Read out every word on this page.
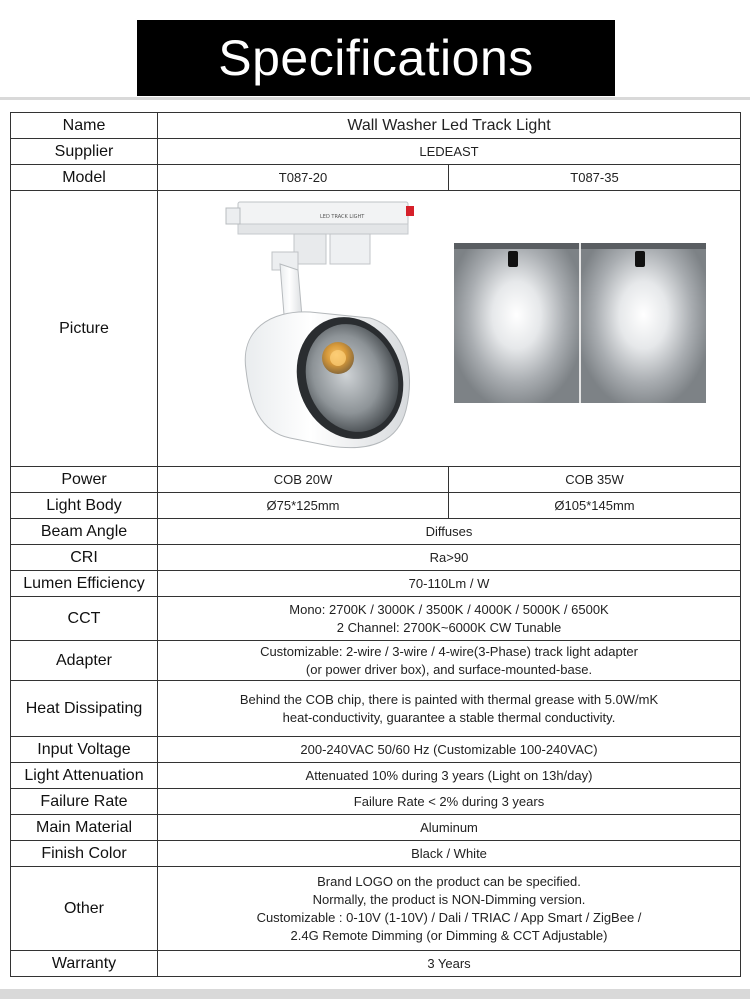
Specifications
Name	Wall Washer Led Track Light	
Supplier	LEDEAST	
Model	T087-20	T087-35
Picture	LED TRACK LIGHT	

Power	COB 20W	COB 35W
Light Body	Ø75*125mm	Ø105*145mm
Beam Angle	Diffuses	
CRI	Ra>90	
Lumen Efficiency	70-110Lm / W	
CCT	Mono: 2700K / 3000K / 3500K / 4000K / 5000K / 6500K
2 Channel: 2700K~6000K CW Tunable	

Adapter	Customizable: 2-wire / 3-wire / 4-wire(3-Phase) track light adapter
(or power driver box), and surface-mounted-base.	

Heat Dissipating	Behind the COB chip, there is painted with thermal grease with 5.0W/mK
heat-conductivity, guarantee a stable thermal conductivity.	

Input Voltage	200-240VAC 50/60 Hz (Customizable 100-240VAC)	
Light Attenuation	Attenuated 10% during 3 years (Light on 13h/day)	
Failure Rate	Failure Rate < 2% during 3 years	
Main Material	Aluminum	
Finish Color	Black / White	
Other	Brand LOGO on the product can be specified.
Normally, the product is NON-Dimming version.
Customizable : 0-10V (1-10V) / Dali / TRIAC / App Smart / ZigBee /
2.4G Remote Dimming (or Dimming & CCT Adjustable)	

Warranty	3 Years	
